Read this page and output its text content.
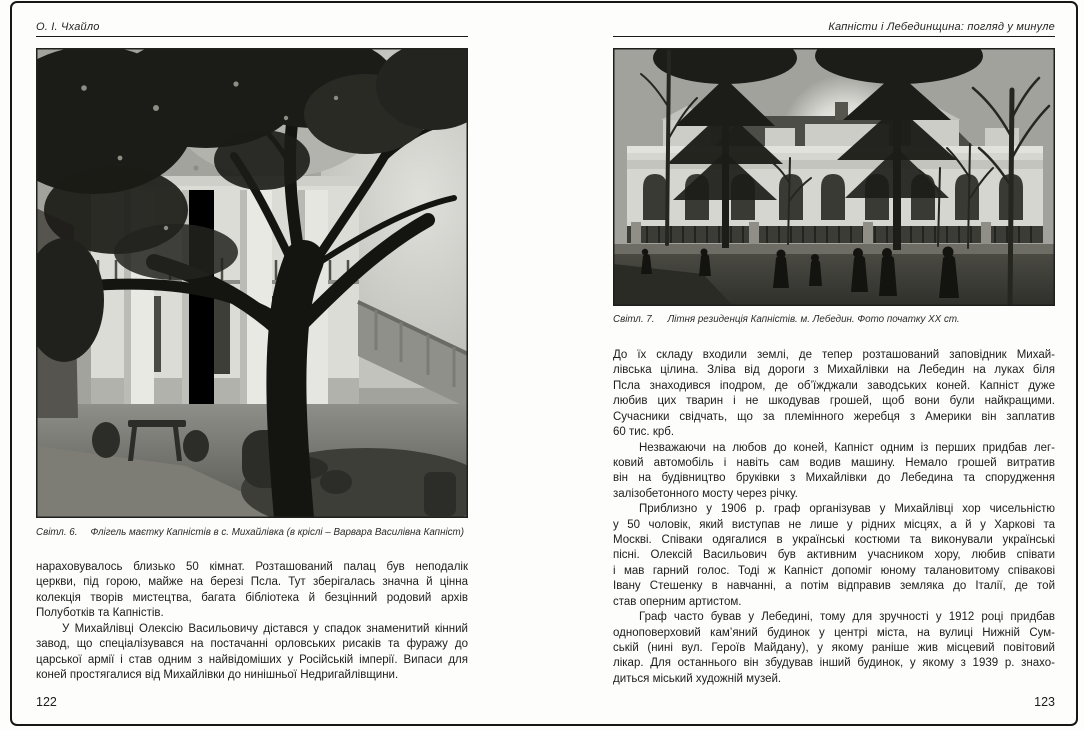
О. І. Чхайло
Світл. 6. Флігель маєтку Капністів в с. Михайлівка (в кріслі – Варвара Василівна Капніст)
нараховувалось близько 50 кімнат. Розташований палац був неподалік
церкви, під горою, майже на березі Псла. Тут зберігалась значна й цінна
колекція творів мистецтва, багата бібліотека й безцінний родовий архів
Полуботків та Капністів.
У Михайлівці Олексію Васильовичу дістався у спадок знаменитий кінний
завод, що спеціалізувався на постачанні орловських рисаків та фуражу до
царської армії і став одним з найвідоміших у Російській імперії. Випаси для
коней простягалися від Михайлівки до нинішньої Недригайлівщини.
122
Капністи і Лебединщина: погляд у минуле
Світл. 7. Літня резиденція Капністів. м. Лебедин. Фото початку ХХ ст.
До їх складу входили землі, де тепер розташований заповідник Михай-
лівська цілина. Зліва від дороги з Михайлівки на Лебедин на луках біля
Псла знаходився іподром, де об’їжджали заводських коней. Капніст дуже
любив цих тварин і не шкодував грошей, щоб вони були найкращими.
Сучасники свідчать, що за племінного жеребця з Америки він заплатив
60 тис. крб.
Незважаючи на любов до коней, Капніст одним із перших придбав лег-
ковий автомобіль і навіть сам водив машину. Немало грошей витратив
він на будівництво бруківки з Михайлівки до Лебедина та спорудження
залізобетонного мосту через річку.
Приблизно у 1906 р. граф організував у Михайлівці хор чисельністю
у 50 чоловік, який виступав не лише у рідних місцях, а й у Харкові та
Москві. Співаки одягалися в українські костюми та виконували українські
пісні. Олексій Васильович був активним учасником хору, любив співати
і мав гарний голос. Тоді ж Капніст допоміг юному талановитому співакові
Івану Стешенку в навчанні, а потім відправив земляка до Італії, де той
став оперним артистом.
Граф часто бував у Лебедині, тому для зручності у 1912 році придбав
одноповерховий кам’яний будинок у центрі міста, на вулиці Нижній Сум-
ській (нині вул. Героїв Майдану), у якому раніше жив місцевий повітовий
лікар. Для останнього він збудував інший будинок, у якому з 1939 р. знахо-
диться міський художній музей.
123
